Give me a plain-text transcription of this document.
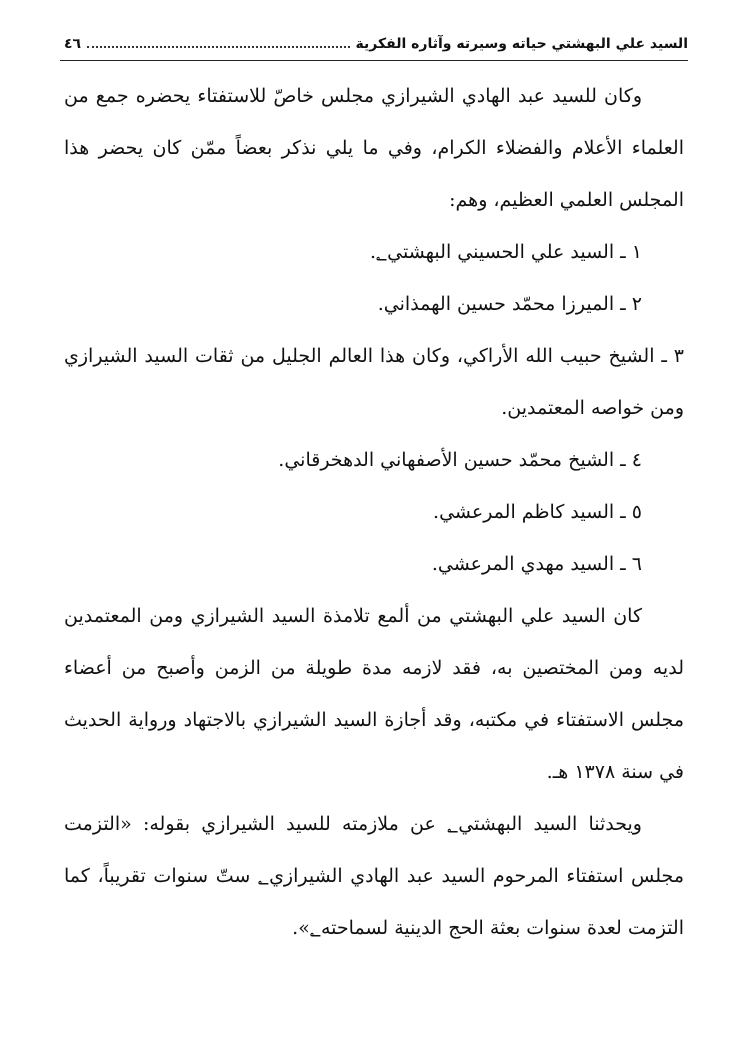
السيد علي البهشتي حياته وسيرته وآثاره الفكرية
٤٦

وكان للسيد عبد الهادي الشيرازي مجلس خاصّ للاستفتاء يحضره جمع من العلماء الأعلام والفضلاء الكرام، وفي ما يلي نذكر بعضاً ممّن كان يحضر هذا المجلس العلمي العظيم، وهم:

١ ـ السيد علي الحسيني البهشتي؂.

٢ ـ الميرزا محمّد حسين الهمذاني.

٣ ـ الشيخ حبيب الله الأراكي، وكان هذا العالم الجليل من ثقات السيد الشيرازي ومن خواصه المعتمدين.

٤ ـ الشيخ محمّد حسين الأصفهاني الدهخرقاني.

٥ ـ السيد كاظم المرعشي.

٦ ـ السيد مهدي المرعشي.

كان السيد علي البهشتي من ألمع تلامذة السيد الشيرازي ومن المعتمدين لديه ومن المختصين به، فقد لازمه مدة طويلة من الزمن وأصبح من أعضاء مجلس الاستفتاء في مكتبه، وقد أجازة السيد الشيرازي بالاجتهاد ورواية الحديث في سنة ١٣٧٨ هـ.

ويحدثنا السيد البهشتي؂ عن ملازمته للسيد الشيرازي بقوله: «التزمت مجلس استفتاء المرحوم السيد عبد الهادي الشيرازي؂ ستّ سنوات تقريباً، كما التزمت لعدة سنوات بعثة الحج الدينية لسماحته؂».
